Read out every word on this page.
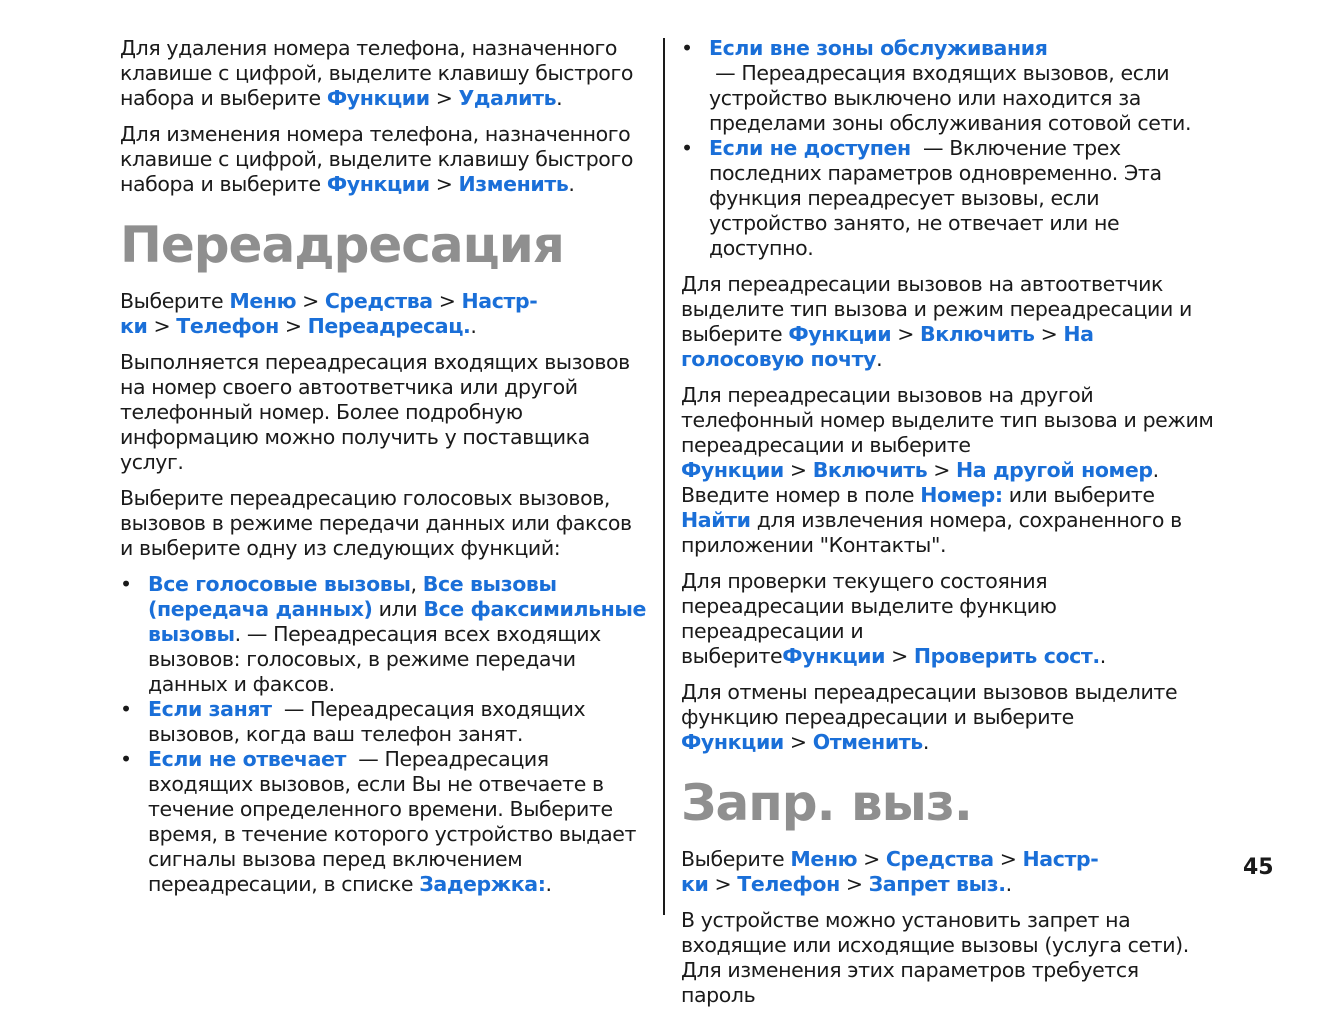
Для удаления номера телефона, назначенного клавише с цифрой, выделите клавишу быстрого набора и выберите Функции > Удалить.

Для изменения номера телефона, назначенного клавише с цифрой, выделите клавишу быстрого набора и выберите Функции > Изменить.

Переадресация

Выберите Меню > Средства > Настр-ки > Телефон > Переадресац..

Выполняется переадресация входящих вызовов на номер своего автоответчика или другой телефонный номер. Более подробную информацию можно получить у поставщика услуг.

Выберите переадресацию голосовых вызовов, вызовов в режиме передачи данных или факсов и выберите одну из следующих функций:

• Все голосовые вызовы, Все вызовы (передача данных) или Все факсимильные вызовы. — Переадресация всех входящих вызовов: голосовых, в режиме передачи данных и факсов.
• Если занят — Переадресация входящих вызовов, когда ваш телефон занят.
• Если не отвечает — Переадресация входящих вызовов, если Вы не отвечаете в течение определенного времени. Выберите время, в течение которого устройство выдает сигналы вызова перед включением переадресации, в списке Задержка:.
• Если вне зоны обслуживания
— Переадресация входящих вызовов, если устройство выключено или находится за пределами зоны обслуживания сотовой сети.
• Если не доступен — Включение трех последних параметров одновременно. Эта функция переадресует вызовы, если устройство занято, не отвечает или не доступно.

Для переадресации вызовов на автоответчик выделите тип вызова и режим переадресации и выберите Функции > Включить > На голосовую почту.

Для переадресации вызовов на другой телефонный номер выделите тип вызова и режим переадресации и выберите Функции > Включить > На другой номер. Введите номер в поле Номер: или выберите Найти для извлечения номера, сохраненного в приложении "Контакты".

Для проверки текущего состояния переадресации выделите функцию переадресации и выберитеФункции > Проверить сост..

Для отмены переадресации вызовов выделите функцию переадресации и выберите Функции > Отменить.

Запр. выз.

Выберите Меню > Средства > Настр-ки > Телефон > Запрет выз..

В устройстве можно установить запрет на входящие или исходящие вызовы (услуга сети). Для изменения этих параметров требуется пароль

45
